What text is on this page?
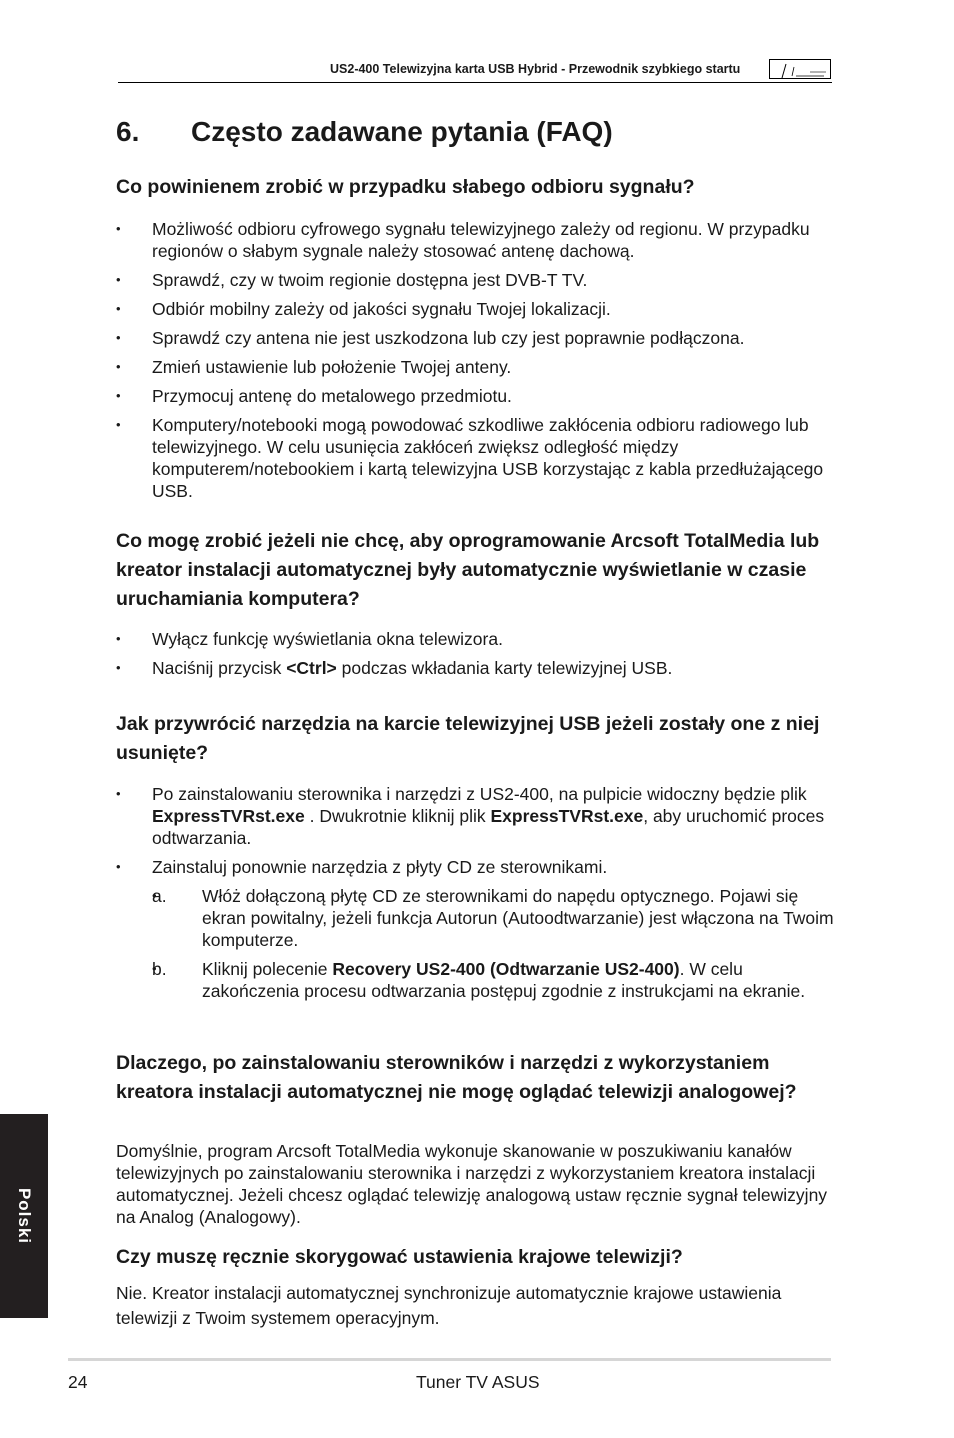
US2-400 Telewizyjna karta USB Hybrid - Przewodnik szybkiego startu
6. Często zadawane pytania (FAQ)
Co powinienem zrobić w przypadku słabego odbioru sygnału?
• Możliwość odbioru cyfrowego sygnału telewizyjnego zależy od regionu. W przypadku regionów o słabym sygnale należy stosować antenę dachową.
• Sprawdź, czy w twoim regionie dostępna jest DVB-T TV.
• Odbiór mobilny zależy od jakości sygnału Twojej lokalizacji.
• Sprawdź czy antena nie jest uszkodzona lub czy jest poprawnie podłączona.
• Zmień ustawienie lub położenie Twojej anteny.
• Przymocuj antenę do metalowego przedmiotu.
• Komputery/notebooki mogą powodować szkodliwe zakłócenia odbioru radiowego lub telewizyjnego. W celu usunięcia zakłóceń zwiększ odległość między komputerem/notebookiem i kartą telewizyjna USB korzystając z kabla przedłużającego USB.
Co mogę zrobić jeżeli nie chcę, aby oprogramowanie Arcsoft TotalMedia lub kreator instalacji automatycznej były automatycznie wyświetlanie w czasie uruchamiania komputera?
• Wyłącz funkcję wyświetlania okna telewizora.
• Naciśnij przycisk <Ctrl> podczas wkładania karty telewizyjnej USB.
Jak przywrócić narzędzia na karcie telewizyjnej USB jeżeli zostały one z niej usunięte?
• Po zainstalowaniu sterownika i narzędzi z US2-400, na pulpicie widoczny będzie plik ExpressTVRst.exe . Dwukrotnie kliknij plik ExpressTVRst.exe, aby uruchomić proces odtwarzania.
• Zainstaluj ponownie narzędzia z płyty CD ze sterownikami.
• a. Włóż dołączoną płytę CD ze sterownikami do napędu optycznego. Pojawi się ekran powitalny, jeżeli funkcja Autorun (Autoodtwarzanie) jest włączona na Twoim komputerze.
• b. Kliknij polecenie Recovery US2-400 (Odtwarzanie US2-400). W celu zakończenia procesu odtwarzania postępuj zgodnie z instrukcjami na ekranie.
Dlaczego, po zainstalowaniu sterowników i narzędzi z wykorzystaniem kreatora instalacji automatycznej nie mogę oglądać telewizji analogowej?
Domyślnie, program Arcsoft TotalMedia wykonuje skanowanie w poszukiwaniu kanałów telewizyjnych po zainstalowaniu sterownika i narzędzi z wykorzystaniem kreatora instalacji automatycznej. Jeżeli chcesz oglądać telewizję analogową ustaw ręcznie sygnał telewizyjny na Analog (Analogowy).
Czy muszę ręcznie skorygować ustawienia krajowe telewizji?
Nie. Kreator instalacji automatycznej synchronizuje automatycznie krajowe ustawienia telewizji z Twoim systemem operacyjnym.
Polski
24	Tuner TV ASUS
